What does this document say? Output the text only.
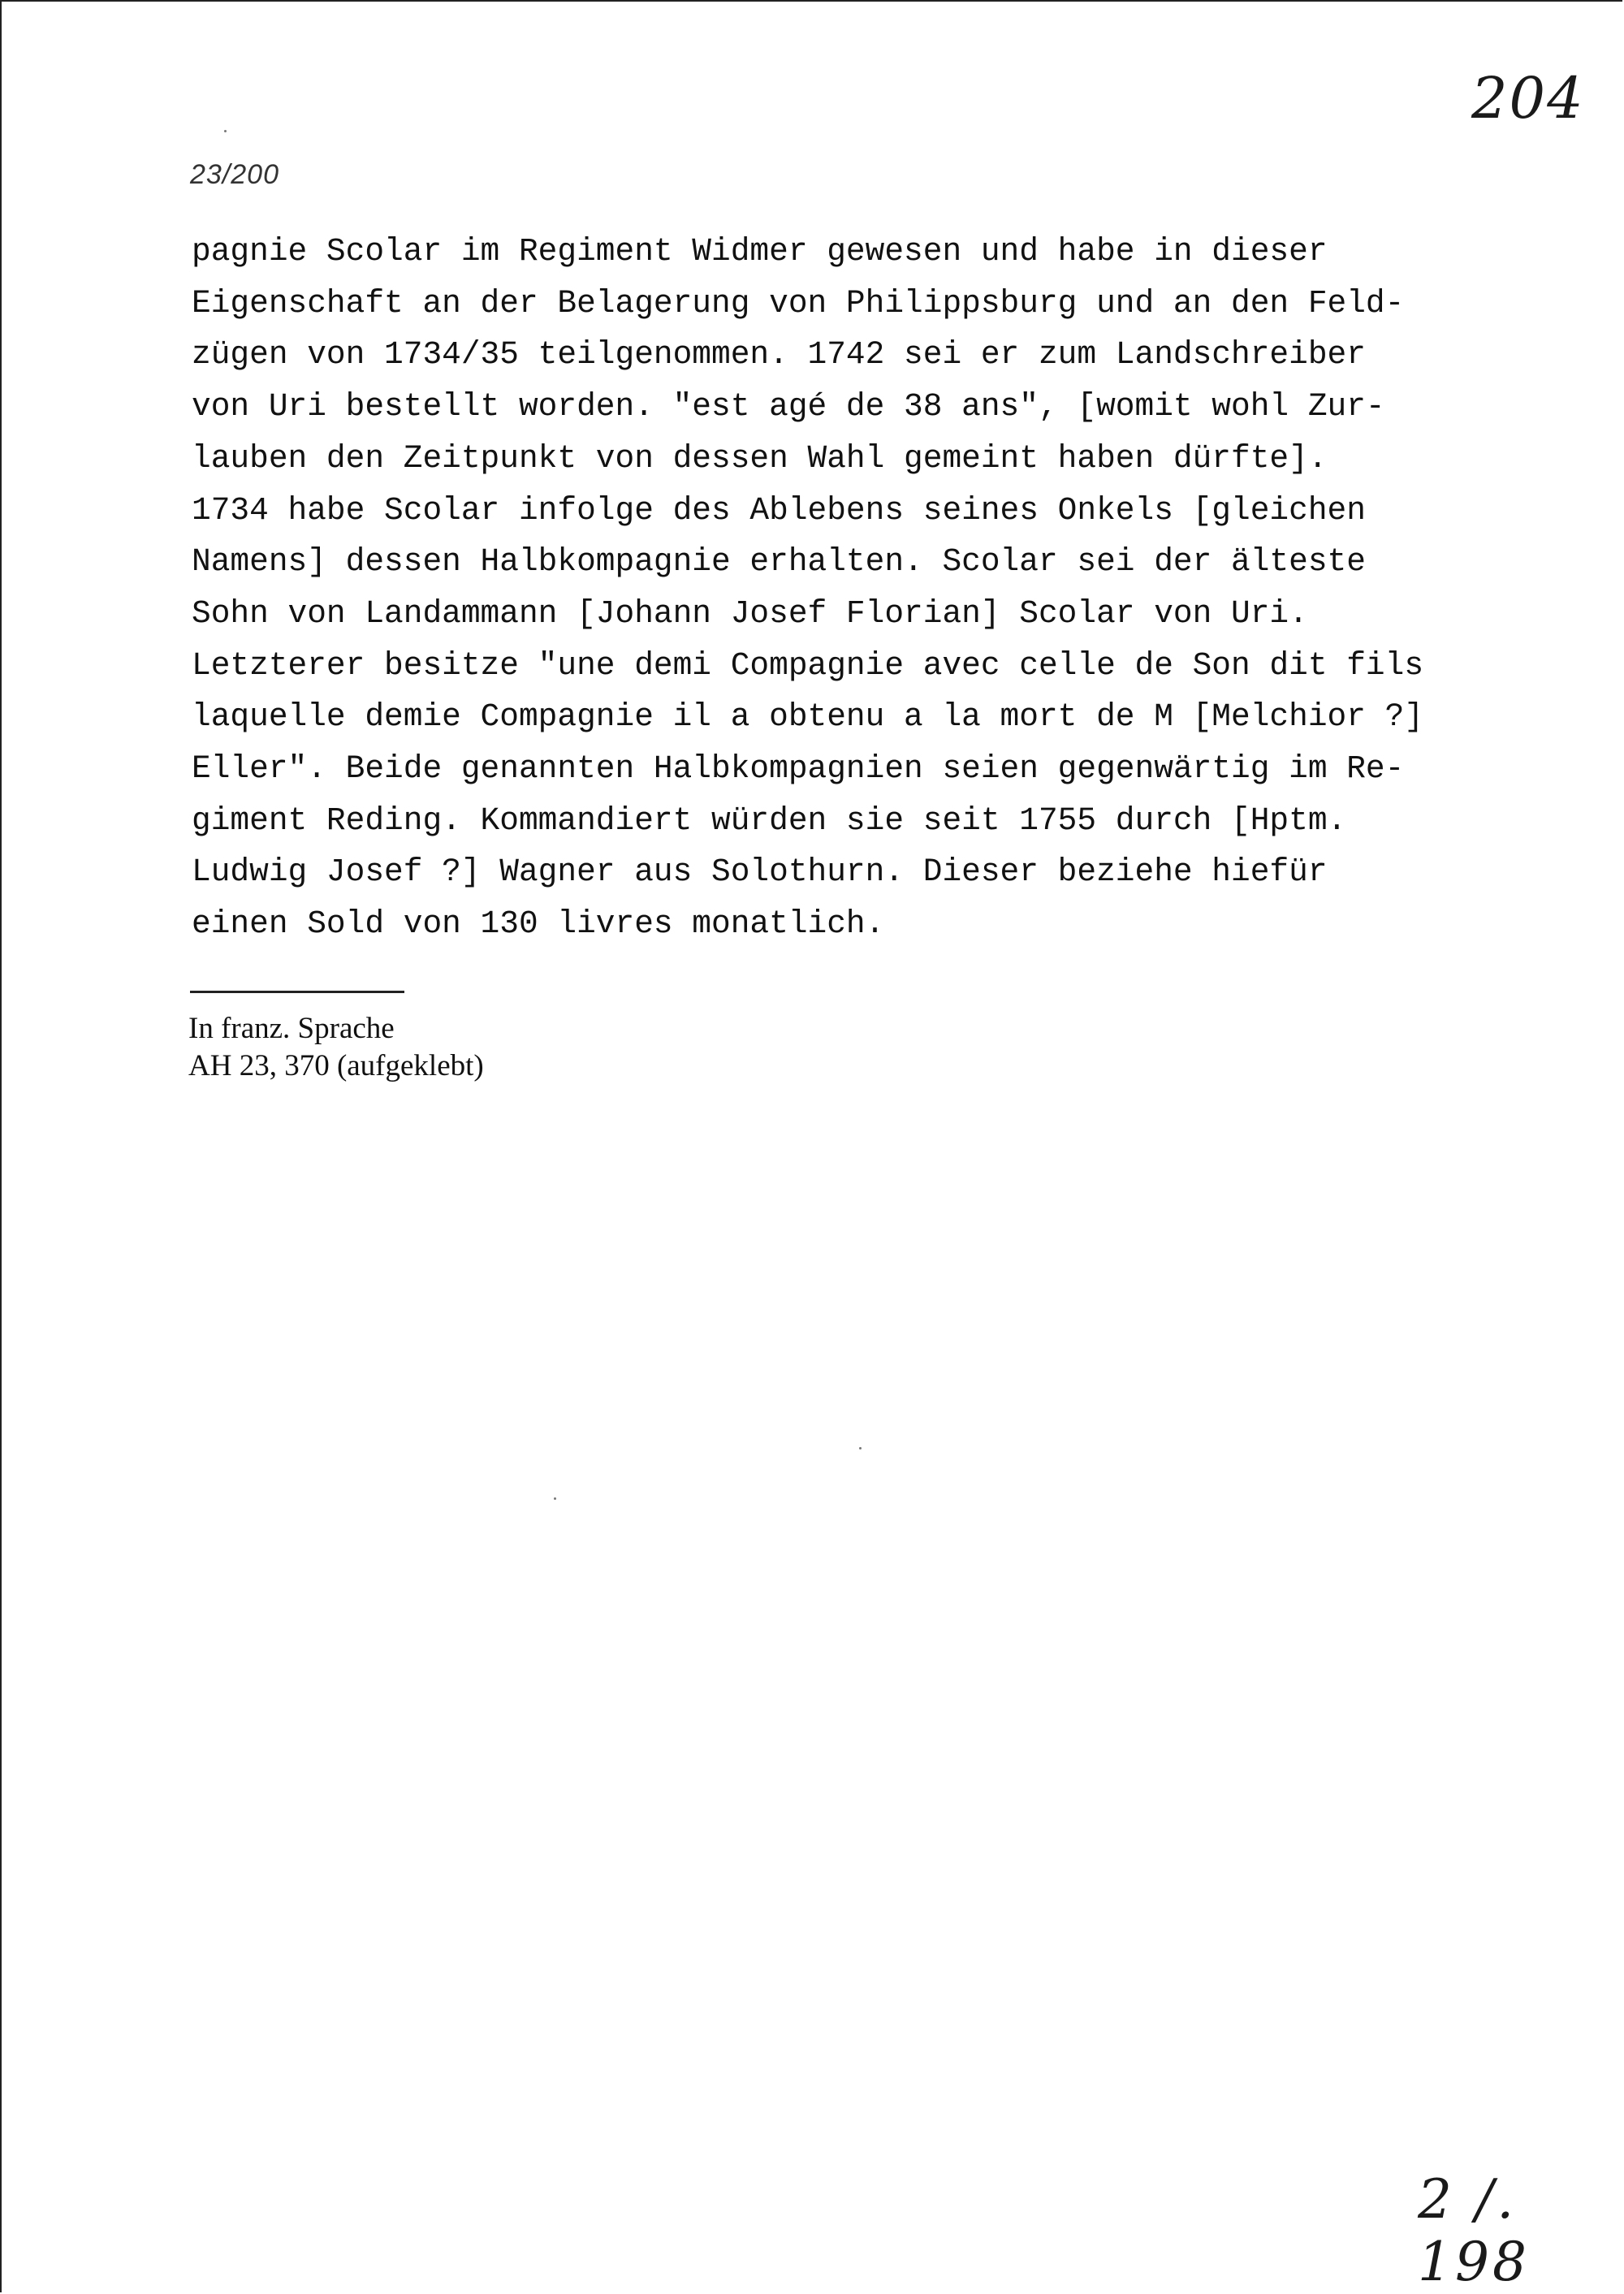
204
23/200
pagnie Scolar im Regiment Widmer gewesen und habe in dieser
Eigenschaft an der Belagerung von Philippsburg und an den Feld-
zügen von 1734/35 teilgenommen. 1742 sei er zum Landschreiber
von Uri bestellt worden. "est agé de 38 ans", [womit wohl Zur-
lauben den Zeitpunkt von dessen Wahl gemeint haben dürfte].
1734 habe Scolar infolge des Ablebens seines Onkels [gleichen
Namens] dessen Halbkompagnie erhalten. Scolar sei der älteste
Sohn von Landammann [Johann Josef Florian] Scolar von Uri.
Letzterer besitze "une demi Compagnie avec celle de Son dit fils
laquelle demie Compagnie il a obtenu a la mort de M [Melchior ?]
Eller". Beide genannten Halbkompagnien seien gegenwärtig im Re-
giment Reding. Kommandiert würden sie seit 1755 durch [Hptm.
Ludwig Josef ?] Wagner aus Solothurn. Dieser beziehe hiefür
einen Sold von 130 livres monatlich.
In franz. Sprache
AH 23, 370 (aufgeklebt)
2 /. 198
